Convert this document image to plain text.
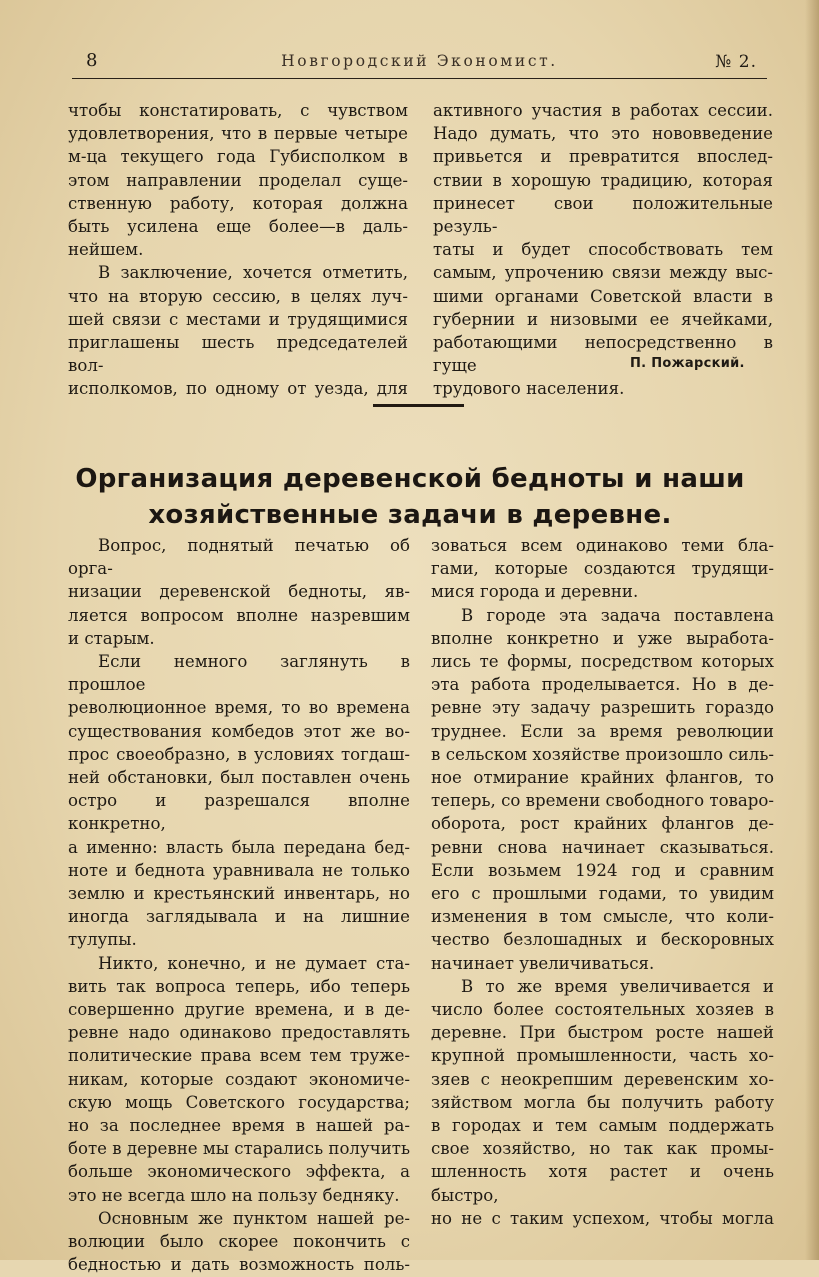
8	Новгородский Экономист.	№ 2.

чтобы констатировать, с чувством

удовлетворения, что в первые четыре

м-ца текущего года Губисполком в

этом направлении проделал суще-

ственную работу, которая должна

быть усилена еще более—в даль-

нейшем.

В заключение, хочется отметить,

что на вторую сессию, в целях луч-

шей связи с местами и трудящимися

приглашены шесть председателей вол-

исполкомов, по одному от уезда, для

активного участия в работах сессии.

Надо думать, что это нововведение

привьется и превратится впослед-

ствии в хорошую традицию, которая

принесет свои положительные резуль-

таты и будет способствовать тем

самым, упрочению связи между выс-

шими органами Советской власти в

губернии и низовыми ее ячейками,

работающими непосредственно в гуще

трудового населения.

П. Пожарский.
Организация деревенской бедноты и наши
хозяйственные задачи в деревне.

Вопрос, поднятый печатью об орга-

низации деревенской бедноты, яв-

ляется вопросом вполне назревшим

и старым.

Если немного заглянуть в прошлое

революционное время, то во времена

существования комбедов этот же во-

прос своеобразно, в условиях тогдаш-

ней обстановки, был поставлен очень

остро и разрешался вполне конкретно,

а именно: власть была передана бед-

ноте и беднота уравнивала не только

землю и крестьянский инвентарь, но

иногда заглядывала и на лишние

тулупы.

Никто, конечно, и не думает ста-

вить так вопроса теперь, ибо теперь

совершенно другие времена, и в де-

ревне надо одинаково предоставлять

политические права всем тем труже-

никам, которые создают экономиче-

скую мощь Советского государства;

но за последнее время в нашей ра-

боте в деревне мы старались получить

больше экономического эффекта, а

это не всегда шло на пользу бедняку.

Основным же пунктом нашей ре-

волюции было скорее покончить с

бедностью и дать возможность поль-

зоваться всем одинаково теми бла-

гами, которые создаются трудящи-

мися города и деревни.

В городе эта задача поставлена

вполне конкретно и уже выработа-

лись те формы, посредством которых

эта работа проделывается. Но в де-

ревне эту задачу разрешить гораздо

труднее. Если за время революции

в сельском хозяйстве произошло силь-

ное отмирание крайних флангов, то

теперь, со времени свободного товаро-

оборота, рост крайних флангов де-

ревни снова начинает сказываться.

Если возьмем 1924 год и сравним

его с прошлыми годами, то увидим

изменения в том смысле, что коли-

чество безлошадных и бескоровных

начинает увеличиваться.

В то же время увеличивается и

число более состоятельных хозяев в

деревне. При быстром росте нашей

крупной промышленности, часть хо-

зяев с неокрепшим деревенским хо-

зяйством могла бы получить работу

в городах и тем самым поддержать

свое хозяйство, но так как промы-

шленность хотя растет и очень быстро,

но не с таким успехом, чтобы могла
